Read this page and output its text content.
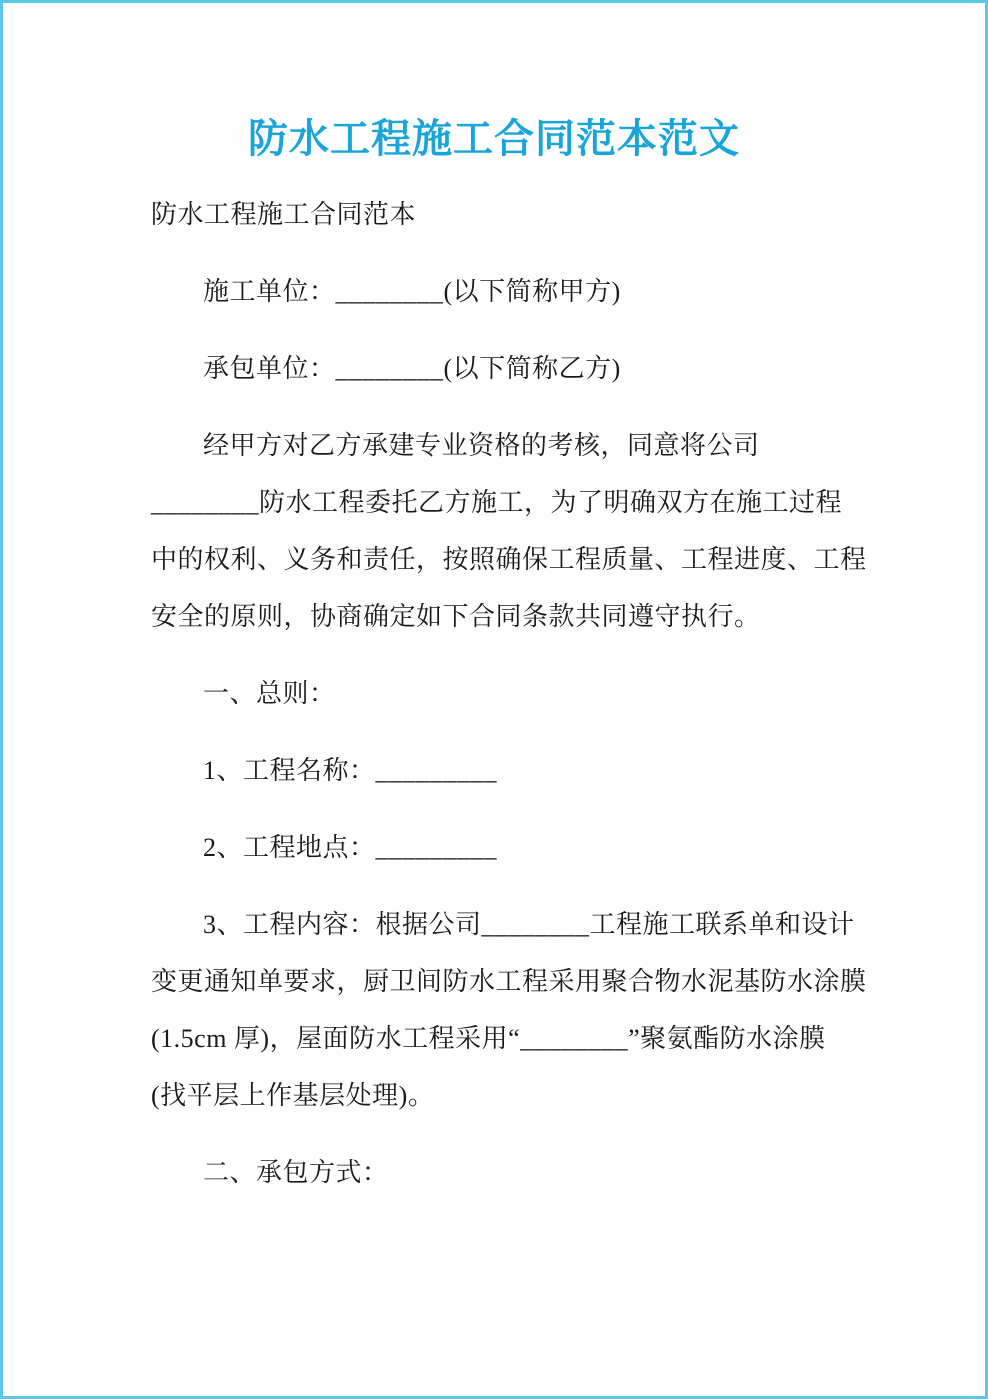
防水工程施工合同范本范文

防水工程施工合同范本

施工单位：________(以下简称甲方)

承包单位：________(以下简称乙方)

经甲方对乙方承建专业资格的考核，同意将公司
________防水工程委托乙方施工，为了明确双方在施工过程
中的权利、义务和责任，按照确保工程质量、工程进度、工程
安全的原则，协商确定如下合同条款共同遵守执行。

一、总则：

1、工程名称：_________

2、工程地点：_________

3、工程内容：根据公司________工程施工联系单和设计
变更通知单要求，厨卫间防水工程采用聚合物水泥基防水涂膜
(1.5cm 厚)，屋面防水工程采用“________”聚氨酯防水涂膜
(找平层上作基层处理)。

二、承包方式：
